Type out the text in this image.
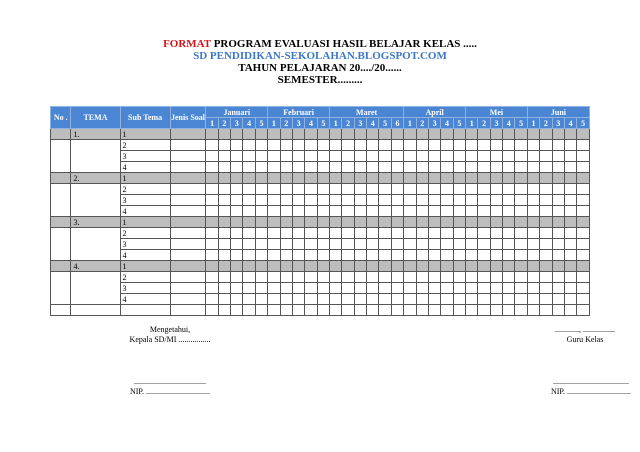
FORMAT PROGRAM EVALUASI HASIL BELAJAR KELAS .....
SD PENDIDIKAN-SEKOLAHAN.BLOGSPOT.COM
TAHUN PELAJARAN 20..../20......
SEMESTER.........
No .	TEMA	Sub Tema	Jenis Soal	Januari					Februari					Maret						April					Mei					Juni				
				1	2	3	4	5	1	2	3	4	5	1	2	3	4	5	6	1	2	3	4	5	1	2	3	4	5	1	2	3	4	5
	1.	1																																
		2																																
		3																																
		4																																
	2.	1																																
		2																																
		3																																
		4																																
	3.	1																																
		2																																
		3																																
		4																																
	4.	1																																
		2																																
		3																																
		4																																

Mengetahui,
Kepala SD/MI ................
....................................
NIP. ................................
............, ................
Guru Kelas
......................................
NIP. ................................
